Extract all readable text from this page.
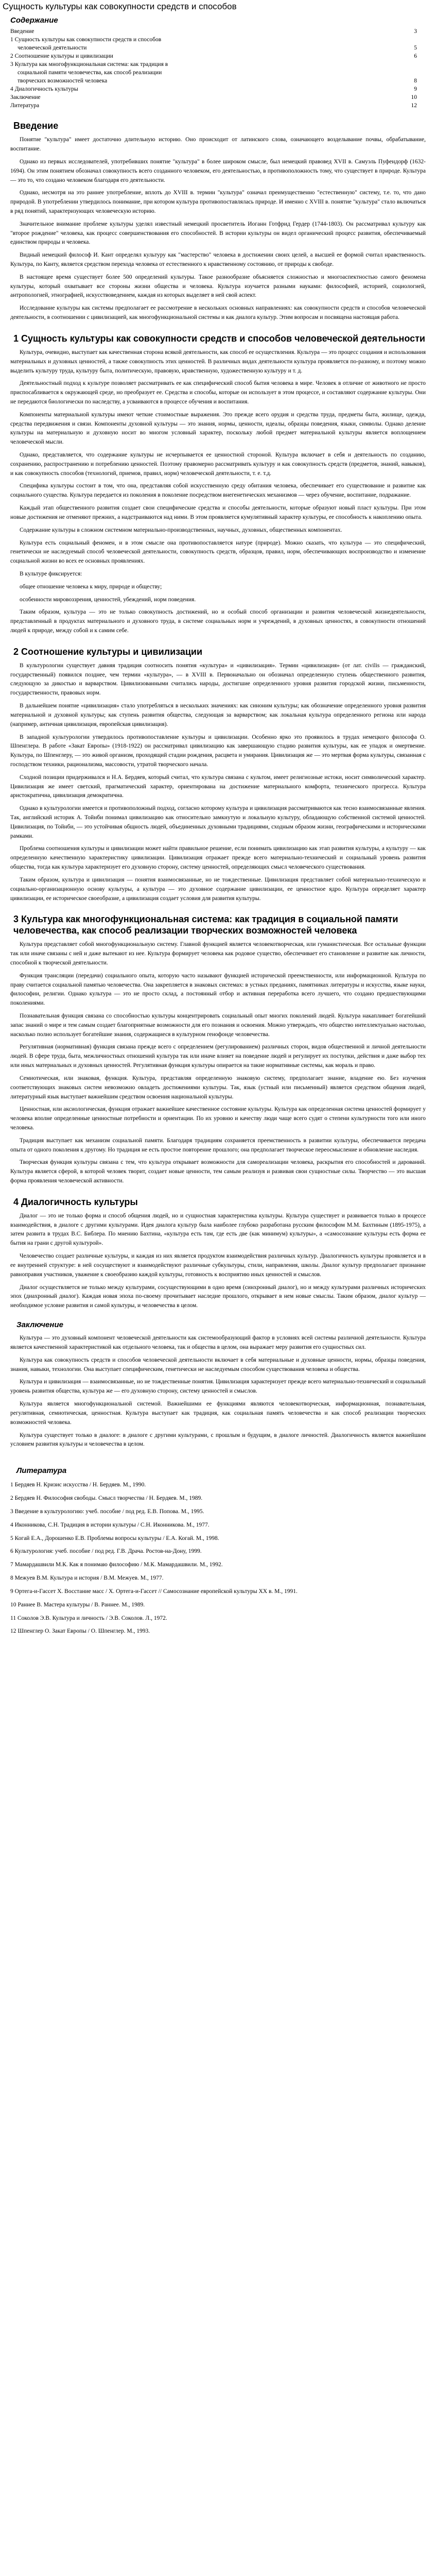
Сущность культуры как совокупности средств и способов
Содержание
Введение	3
1 Сущность культуры как совокупности средств и способов
человеческой деятельности	5
2 Соотношение культуры и цивилизации	6
3 Культура как многофункциональная система: как традиция в
социальной памяти человечества, как способ реализации
творческих возможностей человека	8
4 Диалогичность культуры	9
Заключение	10
Литература	12
Введение

Понятие "культура" имеет достаточно длительную историю. Оно происходит от латинского слова, означающего возделывание почвы, обрабатывание, воспитание.

Однако из первых исследователей, употребивших понятие "культура" в более широком смысле, был немецкий правовед XVII в. Самуэль Пуфендорф (1632-1694). Он этим понятием обозначал совокупность всего созданного человеком, его деятельностью, в противоположность тому, что существует в природе. Культура — это то, что создано человеком благодаря его деятельности.

Однако, несмотря на это раннее употребление, вплоть до XVIII в. термин "культура" означал преимущественно "естественную" систему, т.е. то, что дано природой. В употреблении утвердилось понимание, при котором культура противопоставлялась природе. И именно с XVIII в. понятие "культура" стало включаться в ряд понятий, характеризующих человеческую историю.

Значительное внимание проблеме культуры уделял известный немецкий просветитель Иоганн Готфрид Гердер (1744-1803). Он рассматривал культуру как "второе рождение" человека, как процесс совершенствования его способностей. В истории культуры он видел органический процесс развития, обеспечиваемый единством природы и человека.

Видный немецкий философ И. Кант определял культуру как "мастерство" человека в достижении своих целей, а высшей ее формой считал нравственность. Культура, по Канту, является средством перехода человека от естественного к нравственному состоянию, от природы к свободе.

В настоящее время существует более 500 определений культуры. Такое разнообразие объясняется сложностью и многоаспектностью самого феномена культуры, который охватывает все стороны жизни общества и человека. Культура изучается разными науками: философией, историей, социологией, антропологией, этнографией, искусствоведением, каждая из которых выделяет в ней свой аспект.

Исследование культуры как системы предполагает ее рассмотрение в нескольких основных направлениях: как совокупности средств и способов человеческой деятельности, в соотношении с цивилизацией, как многофункциональной системы и как диалога культур. Этим вопросам и посвящена настоящая работа.

1 Сущность культуры как совокупности средств и способов человеческой деятельности

Культура, очевидно, выступает как качественная сторона всякой деятельности, как способ ее осуществления. Культура — это процесс создания и использования материальных и духовных ценностей, а также совокупность этих ценностей. В различных видах деятельности культура проявляется по-разному, и поэтому можно выделить культуру труда, культуру быта, политическую, правовую, нравственную, художественную культуру и т. д.

Деятельностный подход к культуре позволяет рассматривать ее как специфический способ бытия человека в мире. Человек в отличие от животного не просто приспосабливается к окружающей среде, но преобразует ее. Средства и способы, которые он использует в этом процессе, и составляют содержание культуры. Они не передаются биологически по наследству, а усваиваются в процессе обучения и воспитания.

Компоненты материальной культуры имеют четкие стоимостные выражения. Это прежде всего орудия и средства труда, предметы быта, жилище, одежда, средства передвижения и связи. Компоненты духовной культуры — это знания, нормы, ценности, идеалы, образцы поведения, языки, символы. Однако деление культуры на материальную и духовную носит во многом условный характер, поскольку любой предмет материальной культуры является воплощением человеческой мысли.

Однако, представляется, что содержание культуры не исчерпывается ее ценностной стороной. Культура включает в себя и деятельность по созданию, сохранению, распространению и потреблению ценностей. Поэтому правомерно рассматривать культуру и как совокупность средств (предметов, знаний, навыков), и как совокупность способов (технологий, приемов, правил, норм) человеческой деятельности, т. е. т.д.

Специфика культуры состоит в том, что она, представляя собой искусственную среду обитания человека, обеспечивает его существование и развитие как социального существа. Культура передается из поколения в поколение посредством внегенетических механизмов — через обучение, воспитание, подражание.

Каждый этап общественного развития создает свои специфические средства и способы деятельности, которые образуют новый пласт культуры. При этом новые достижения не отменяют прежних, а надстраиваются над ними. В этом проявляется кумулятивный характер культуры, ее способность к накоплению опыта.

Содержание культуры в сложном системном материально-производственных, научных, духовных, общественных компонентах.

Культура есть социальный феномен, и в этом смысле она противопоставляется натуре (природе). Можно сказать, что культура — это специфический, генетически не наследуемый способ человеческой деятельности, совокупность средств, образцов, правил, норм, обеспечивающих воспроизводство и изменение социальной жизни во всех ее основных проявлениях.

В культуре фиксируется:

общее отношение человека к миру, природе и обществу;

особенности мировоззрения, ценностей, убеждений, норм поведения.

Таким образом, культура — это не только совокупность достижений, но и особый способ организации и развития человеческой жизнедеятельности, представленный в продуктах материального и духовного труда, в системе социальных норм и учреждений, в духовных ценностях, в совокупности отношений людей к природе, между собой и к самим себе.

2 Соотношение культуры и цивилизации

В культурологии существует давняя традиция соотносить понятия «культура» и «цивилизация». Термин «цивилизация» (от лат. civilis — гражданский, государственный) появился позднее, чем термин «культура», — в XVIII в. Первоначально он обозначал определенную ступень общественного развития, следующую за дикостью и варварством. Цивилизованными считались народы, достигшие определенного уровня развития городской жизни, письменности, государственности, правовых норм.

В дальнейшем понятие «цивилизация» стало употребляться в нескольких значениях: как синоним культуры; как обозначение определенного уровня развития материальной и духовной культуры; как ступень развития общества, следующая за варварством; как локальная культура определенного региона или народа (например, античная цивилизация, европейская цивилизация).

В западной культурологии утвердилось противопоставление культуры и цивилизации. Особенно ярко это проявилось в трудах немецкого философа О. Шпенглера. В работе «Закат Европы» (1918-1922) он рассматривал цивилизацию как завершающую стадию развития культуры, как ее упадок и омертвение. Культура, по Шпенглеру, — это живой организм, проходящий стадии рождения, расцвета и умирания. Цивилизация же — это мертвая форма культуры, связанная с господством техники, рационализма, массовости, утратой творческого начала.

Сходной позиции придерживался и Н.А. Бердяев, который считал, что культура связана с культом, имеет религиозные истоки, носит символический характер. Цивилизация же имеет светский, прагматический характер, ориентирована на достижение материального комфорта, технического прогресса. Культура аристократична, цивилизация демократична.

Однако в культурологии имеется и противоположный подход, согласно которому культура и цивилизация рассматриваются как тесно взаимосвязанные явления. Так, английский историк А. Тойнби понимал цивилизацию как относительно замкнутую и локальную культуру, обладающую собственной системой ценностей. Цивилизация, по Тойнби, — это устойчивая общность людей, объединенных духовными традициями, сходным образом жизни, географическими и историческими рамками.

Проблема соотношения культуры и цивилизации может найти правильное решение, если понимать цивилизацию как этап развития культуры, а культуру — как определенную качественную характеристику цивилизации. Цивилизация отражает прежде всего материально-технический и социальный уровень развития общества, тогда как культура характеризует его духовную сторону, систему ценностей, определяющих смысл человеческого существования.

Таким образом, культура и цивилизация — понятия взаимосвязанные, но не тождественные. Цивилизация представляет собой материально-техническую и социально-организационную основу культуры, а культура — это духовное содержание цивилизации, ее ценностное ядро. Культура определяет характер цивилизации, ее историческое своеобразие, а цивилизация создает условия для развития культуры.

3 Культура как многофункциональная система: как традиция в социальной памяти человечества, как способ реализации творческих возможностей человека

Культура представляет собой многофункциональную систему. Главной функцией является человекотворческая, или гуманистическая. Все остальные функции так или иначе связаны с ней и даже вытекают из нее. Культура формирует человека как родовое существо, обеспечивает его становление и развитие как личности, способной к творческой деятельности.

Функция трансляции (передачи) социального опыта, которую часто называют функцией исторической преемственности, или информационной. Культура по праву считается социальной памятью человечества. Она закрепляется в знаковых системах: в устных преданиях, памятниках литературы и искусства, языке науки, философии, религии. Однако культура — это не просто склад, а постоянный отбор и активная переработка всего лучшего, что создано предшествующими поколениями.

Познавательная функция связана со способностью культуры концентрировать социальный опыт многих поколений людей. Культура накапливает богатейший запас знаний о мире и тем самым создает благоприятные возможности для его познания и освоения. Можно утверждать, что общество интеллектуально настолько, насколько полно использует богатейшие знания, содержащиеся в культурном генофонде человечества.

Регулятивная (нормативная) функция связана прежде всего с определением (регулированием) различных сторон, видов общественной и личной деятельности людей. В сфере труда, быта, межличностных отношений культура так или иначе влияет на поведение людей и регулирует их поступки, действия и даже выбор тех или иных материальных и духовных ценностей. Регулятивная функция культуры опирается на такие нормативные системы, как мораль и право.

Семиотическая, или знаковая, функция. Культура, представляя определенную знаковую систему, предполагает знание, владение ею. Без изучения соответствующих знаковых систем невозможно овладеть достижениями культуры. Так, язык (устный или письменный) является средством общения людей, литературный язык выступает важнейшим средством освоения национальной культуры.

Ценностная, или аксиологическая, функция отражает важнейшее качественное состояние культуры. Культура как определенная система ценностей формирует у человека вполне определенные ценностные потребности и ориентации. По их уровню и качеству люди чаще всего судят о степени культурности того или иного человека.

Традиция выступает как механизм социальной памяти. Благодаря традициям сохраняется преемственность в развитии культуры, обеспечивается передача опыта от одного поколения к другому. Но традиция не есть простое повторение прошлого; она предполагает творческое переосмысление и обновление наследия.

Творческая функция культуры связана с тем, что культура открывает возможности для самореализации человека, раскрытия его способностей и дарований. Культура является сферой, в которой человек творит, создает новые ценности, тем самым реализуя и развивая свои сущностные силы. Творчество — это высшая форма проявления человеческой активности.

4 Диалогичность культуры

Диалог — это не только форма и способ общения людей, но и сущностная характеристика культуры. Культура существует и развивается только в процессе взаимодействия, в диалоге с другими культурами. Идея диалога культур была наиболее глубоко разработана русским философом М.М. Бахтиным (1895-1975), а затем развита в трудах В.С. Библера. По мнению Бахтина, «культура есть там, где есть две (как минимум) культуры», а «самосознание культуры есть форма ее бытия на грани с другой культурой».

Человечество создает различные культуры, и каждая из них является продуктом взаимодействия различных культур. Диалогичность культуры проявляется и в ее внутренней структуре: в ней сосуществуют и взаимодействуют различные субкультуры, стили, направления, школы. Диалог культур предполагает признание равноправия участников, уважение к своеобразию каждой культуры, готовность к восприятию иных ценностей и смыслов.

Диалог осуществляется не только между культурами, сосуществующими в одно время (синхронный диалог), но и между культурами различных исторических эпох (диахронный диалог). Каждая новая эпоха по-своему прочитывает наследие прошлого, открывает в нем новые смыслы. Таким образом, диалог культур — необходимое условие развития и самой культуры, и человечества в целом.

Заключение

Культура — это духовный компонент человеческой деятельности как системообразующий фактор в условиях всей системы различной деятельности. Культура является качественной характеристикой как отдельного человека, так и общества в целом, она выражает меру развития его сущностных сил.

Культура как совокупность средств и способов человеческой деятельности включает в себя материальные и духовные ценности, нормы, образцы поведения, знания, навыки, технологии. Она выступает специфическим, генетически не наследуемым способом существования человека и общества.

Культура и цивилизация — взаимосвязанные, но не тождественные понятия. Цивилизация характеризует прежде всего материально-технический и социальный уровень развития общества, культура же — его духовную сторону, систему ценностей и смыслов.

Культура является многофункциональной системой. Важнейшими ее функциями являются человекотворческая, информационная, познавательная, регулятивная, семиотическая, ценностная. Культура выступает как традиция, как социальная память человечества и как способ реализации творческих возможностей человека.

Культура существует только в диалоге: в диалоге с другими культурами, с прошлым и будущим, в диалоге личностей. Диалогичность является важнейшим условием развития культуры и человечества в целом.

Литература
1 Бердяев Н. Кризис искусства / Н. Бердяев. М., 1990.
2 Бердяев Н. Философия свободы. Смысл творчества / Н. Бердяев. М., 1989.
3 Введение в культурологию: учеб. пособие / под ред. Е.В. Попова. М., 1995.
4 Иконникова, С.Н. Традиция в истории культуры / С.Н. Иконникова. М., 1977.
5 Когай Е.А., Дорошенко Е.В. Проблемы вопросы культуры / Е.А. Когай. М., 1998.
6 Культурология: учеб. пособие / под ред. Г.В. Драча. Ростов-на-Дону, 1999.
7 Мамардашвили М.К. Как я понимаю философию / М.К. Мамардашвили. М., 1992.
8 Межуев В.М. Культура и история / В.М. Межуев. М., 1977.
9 Ортега-и-Гассет Х. Восстание масс / Х. Ортега-и-Гассет // Самосознание европейской культуры ХХ в. М., 1991.
10 Раннее В. Мастера культуры / В. Раннее. М., 1989.
11 Соколов Э.В. Культура и личность / Э.В. Соколов. Л., 1972.
12 Шпенглер О. Закат Европы / О. Шпенглер. М., 1993.
